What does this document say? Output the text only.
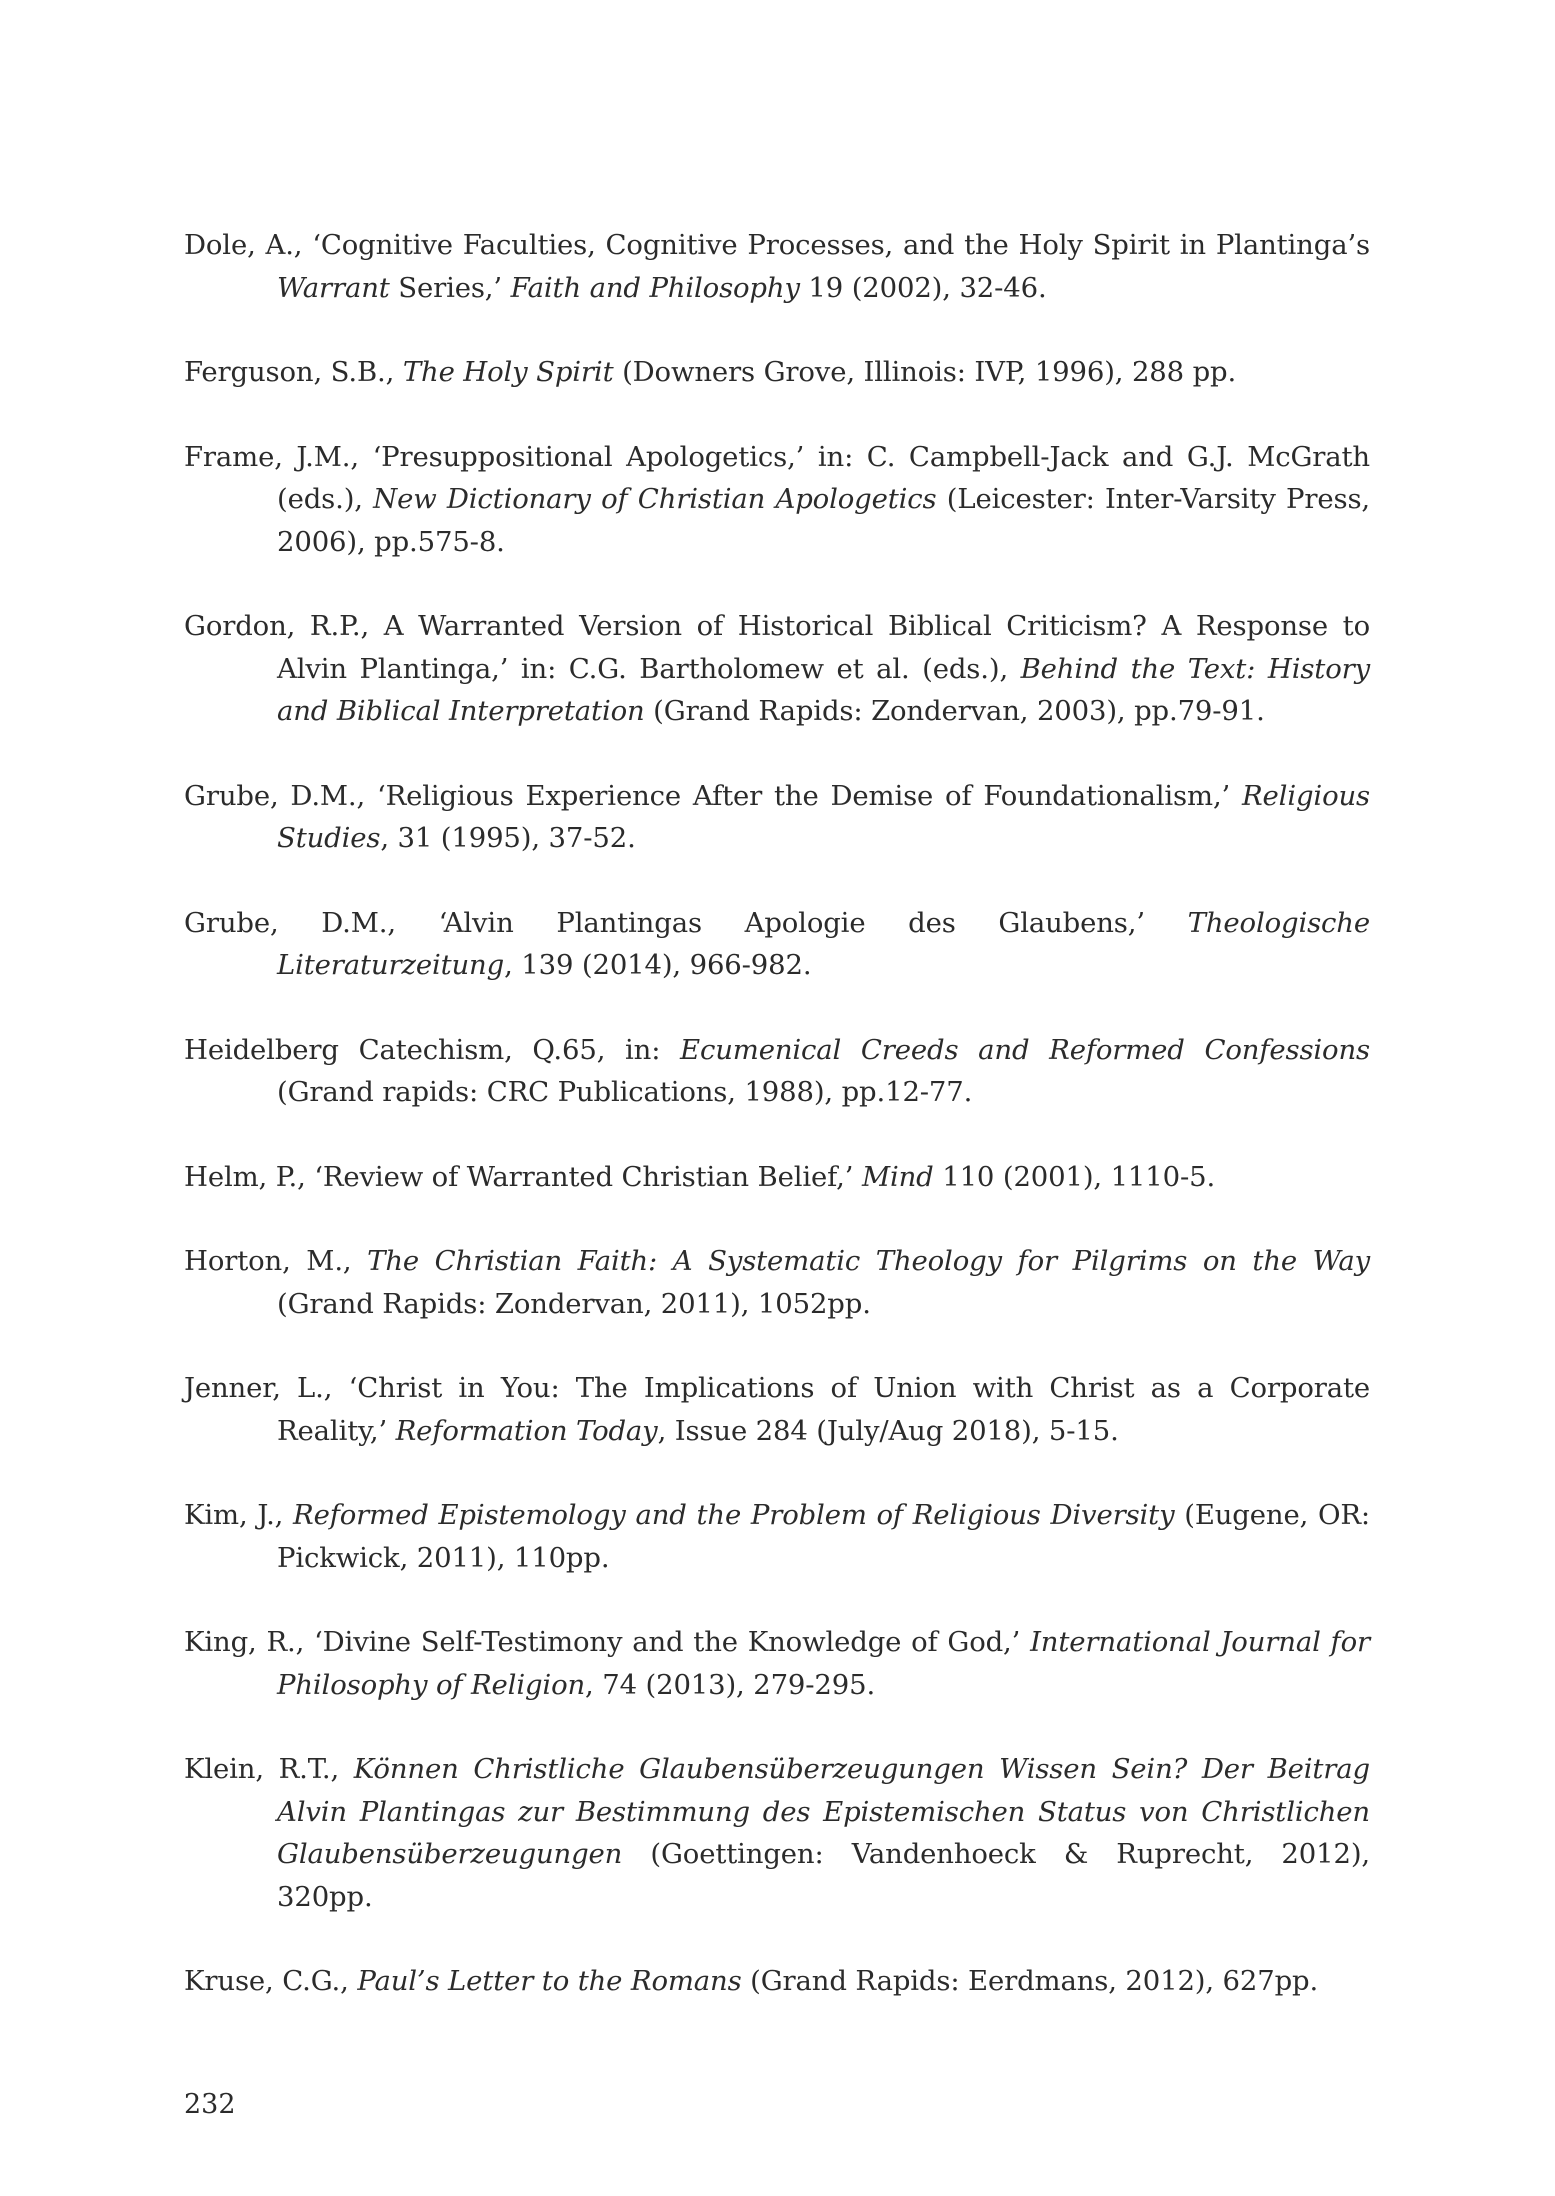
Dole, A., ‘Cognitive Faculties, Cognitive Processes, and the Holy Spirit in Plantinga’s Warrant Series,’ Faith and Philosophy 19 (2002), 32-46.

Ferguson, S.B., The Holy Spirit (Downers Grove, Illinois: IVP, 1996), 288 pp.

Frame, J.M., ‘Presuppositional Apologetics,’ in: C. Campbell-Jack and G.J. McGrath (eds.), New Dictionary of Christian Apologetics (Leicester: Inter-Varsity Press, 2006), pp.575-8.

Gordon, R.P., A Warranted Version of Historical Biblical Criticism? A Response to Alvin Plantinga,’ in: C.G. Bartholomew et al. (eds.), Behind the Text: History and Biblical Interpretation (Grand Rapids: Zondervan, 2003), pp.79-91.

Grube, D.M., ‘Religious Experience After the Demise of Foundationalism,’ Religious Studies, 31 (1995), 37-52.

Grube, D.M., ‘Alvin Plantingas Apologie des Glaubens,’ Theologische Literaturzeitung, 139 (2014), 966-982.

Heidelberg Catechism, Q.65, in: Ecumenical Creeds and Reformed Confessions (Grand rapids: CRC Publications, 1988), pp.12-77.

Helm, P., ‘Review of Warranted Christian Belief,’ Mind 110 (2001), 1110-5.

Horton, M., The Christian Faith: A Systematic Theology for Pilgrims on the Way (Grand Rapids: Zondervan, 2011), 1052pp.

Jenner, L., ‘Christ in You: The Implications of Union with Christ as a Corporate Reality,’ Reformation Today, Issue 284 (July/Aug 2018), 5-15.

Kim, J., Reformed Epistemology and the Problem of Religious Diversity (Eugene, OR: Pickwick, 2011), 110pp.

King, R., ‘Divine Self-Testimony and the Knowledge of God,’ International Journal for Philosophy of Religion, 74 (2013), 279-295.

Klein, R.T., Können Christliche Glaubensüberzeugungen Wissen Sein? Der Beitrag Alvin Plantingas zur Bestimmung des Epistemischen Status von Christlichen Glaubensüberzeugungen (Goettingen: Vandenhoeck & Ruprecht, 2012), 320pp.

Kruse, C.G., Paul’s Letter to the Romans (Grand Rapids: Eerdmans, 2012), 627pp.

232
